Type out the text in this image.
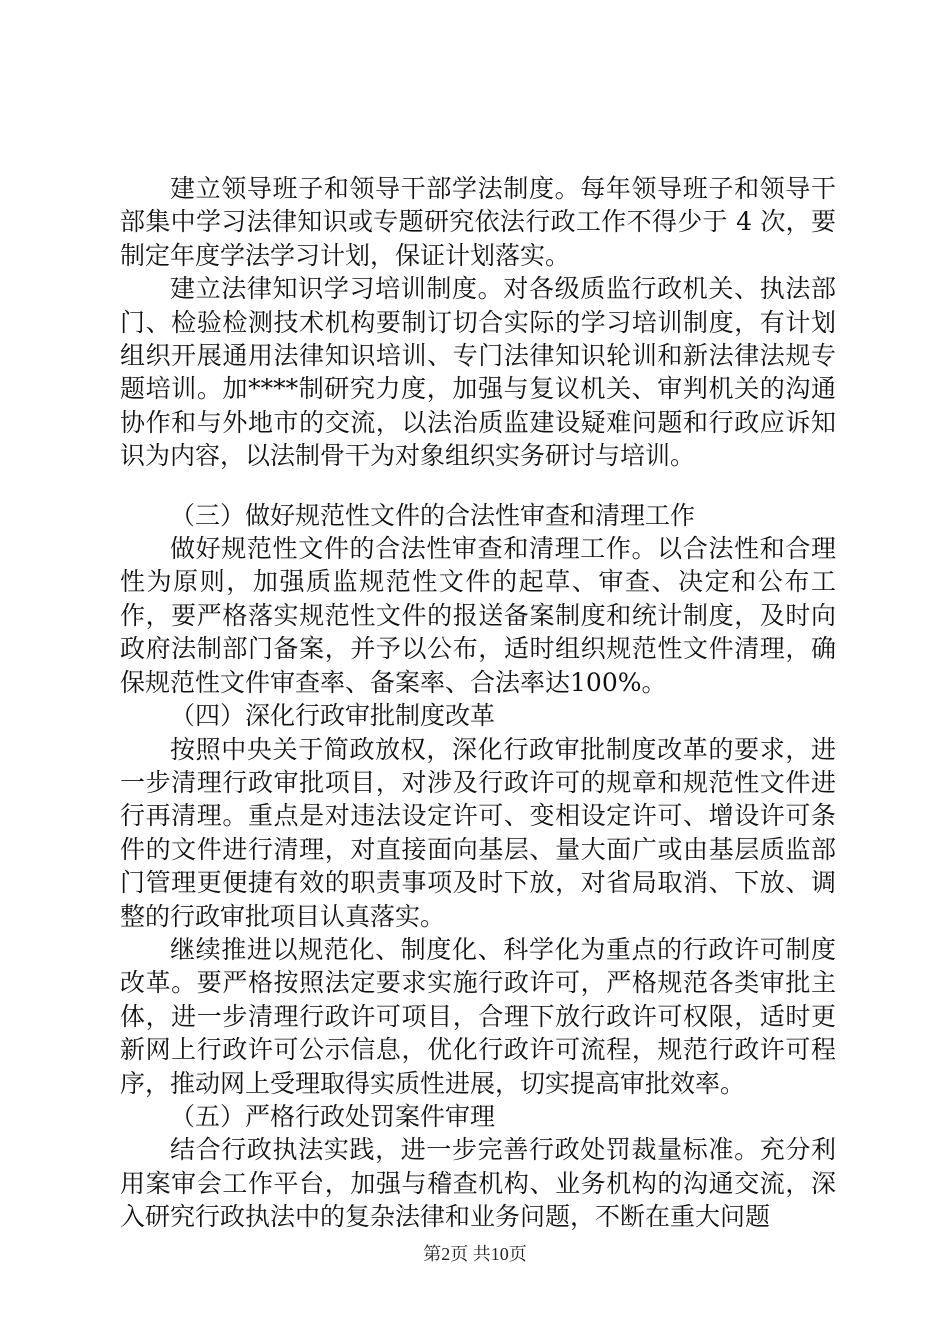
建立领导班子和领导干部学法制度。每年领导班子和领导干部集中学习法律知识或专题研究依法行政工作不得少于 4 次，要制定年度学法学习计划，保证计划落实。

建立法律知识学习培训制度。对各级质监行政机关、执法部门、检验检测技术机构要制订切合实际的学习培训制度，有计划组织开展通用法律知识培训、专门法律知识轮训和新法律法规专题培训。加****制研究力度，加强与复议机关、审判机关的沟通协作和与外地市的交流，以法治质监建设疑难问题和行政应诉知识为内容，以法制骨干为对象组织实务研讨与培训。

（三）做好规范性文件的合法性审查和清理工作

做好规范性文件的合法性审查和清理工作。以合法性和合理性为原则，加强质监规范性文件的起草、审查、决定和公布工作，要严格落实规范性文件的报送备案制度和统计制度，及时向政府法制部门备案，并予以公布，适时组织规范性文件清理，确保规范性文件审查率、备案率、合法率达100%。

（四）深化行政审批制度改革

按照中央关于简政放权，深化行政审批制度改革的要求，进一步清理行政审批项目，对涉及行政许可的规章和规范性文件进行再清理。重点是对违法设定许可、变相设定许可、增设许可条件的文件进行清理，对直接面向基层、量大面广或由基层质监部门管理更便捷有效的职责事项及时下放，对省局取消、下放、调整的行政审批项目认真落实。

继续推进以规范化、制度化、科学化为重点的行政许可制度改革。要严格按照法定要求实施行政许可，严格规范各类审批主体，进一步清理行政许可项目，合理下放行政许可权限，适时更新网上行政许可公示信息，优化行政许可流程，规范行政许可程序，推动网上受理取得实质性进展，切实提高审批效率。

（五）严格行政处罚案件审理

结合行政执法实践，进一步完善行政处罚裁量标准。充分利用案审会工作平台，加强与稽查机构、业务机构的沟通交流，深入研究行政执法中的复杂法律和业务问题，不断在重大问题

第2页 共10页
